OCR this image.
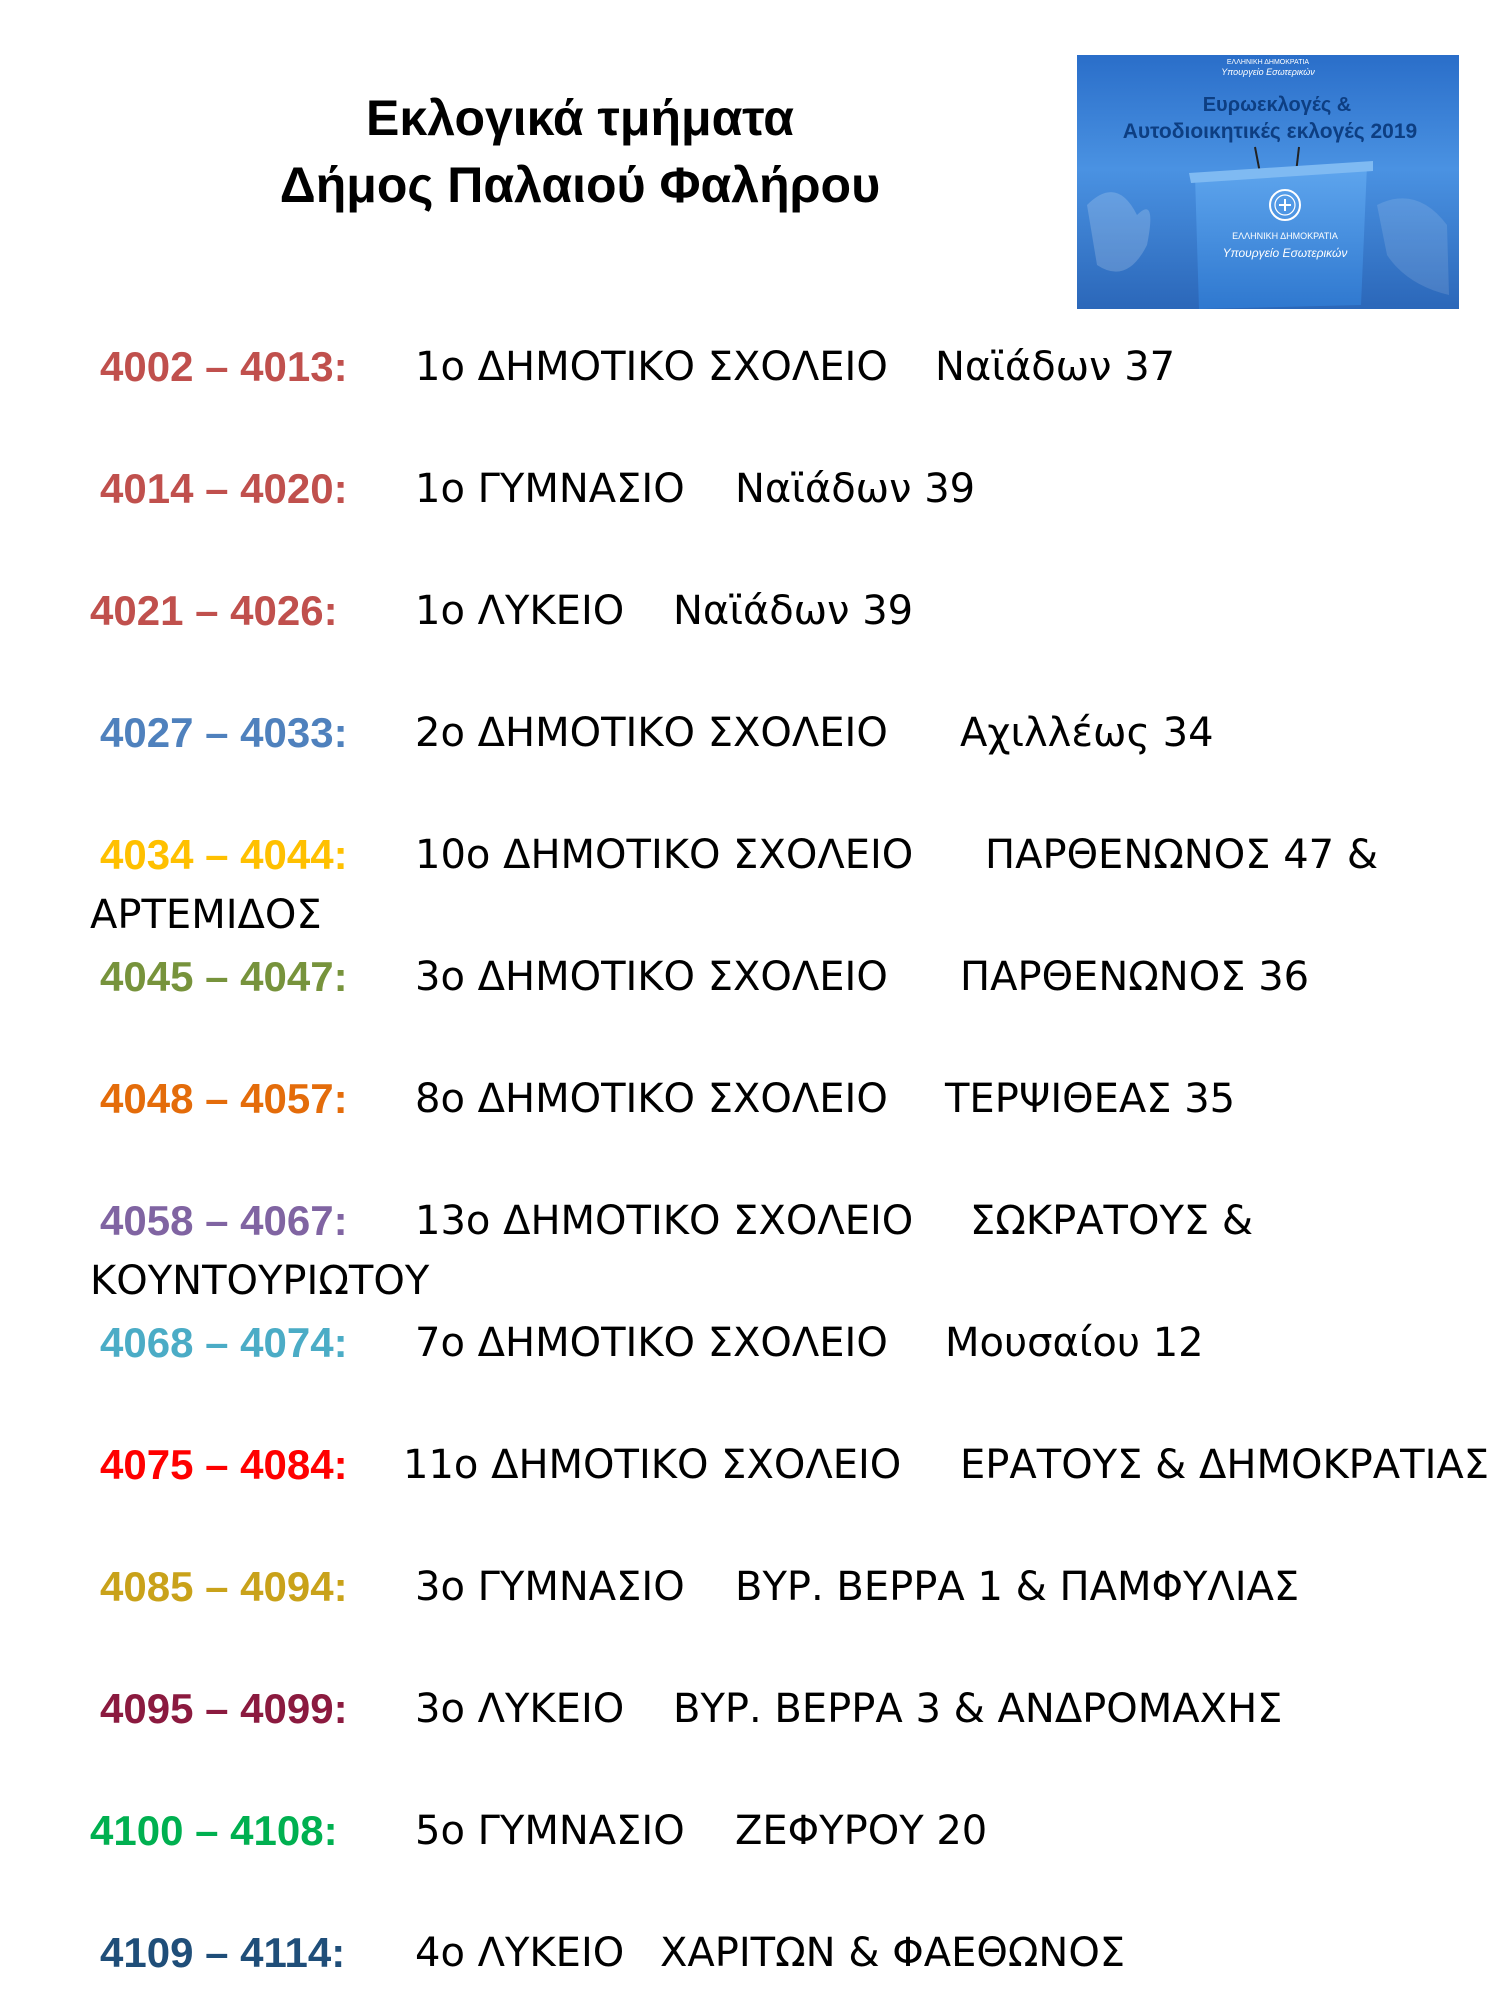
Εκλογικά τμήματα
Δήμος Παλαιού Φαλήρου
ΕΛΛΗΝΙΚΗ ΔΗΜΟΚΡΑΤΙΑ
Υπουργείο Εσωτερικών
Ευρωεκλογές &
Αυτοδιοικητικές εκλογές 2019
ΕΛΛΗΝΙΚΗ ΔΗΜΟΚΡΑΤΙΑ
Υπουργείο Εσωτερικών
4002 – 4013: 1ο ΔΗΜΟΤΙΚΟ ΣΧΟΛΕΙΟ Ναϊάδων 37
4014 – 4020: 1ο ΓΥΜΝΑΣΙΟ Ναϊάδων 39
4021 – 4026: 1ο ΛΥΚΕΙΟ Ναϊάδων 39
4027 – 4033: 2ο ΔΗΜΟΤΙΚΟ ΣΧΟΛΕΙΟ Αχιλλέως 34
4034 – 4044: 10ο ΔΗΜΟΤΙΚΟ ΣΧΟΛΕΙΟ ΠΑΡΘΕΝΩΝΟΣ 47 &
ΑΡΤΕΜΙΔΟΣ
4045 – 4047: 3ο ΔΗΜΟΤΙΚΟ ΣΧΟΛΕΙΟ ΠΑΡΘΕΝΩΝΟΣ 36
4048 – 4057: 8ο ΔΗΜΟΤΙΚΟ ΣΧΟΛΕΙΟ ΤΕΡΨΙΘΕΑΣ 35
4058 – 4067: 13ο ΔΗΜΟΤΙΚΟ ΣΧΟΛΕΙΟ ΣΩΚΡΑΤΟΥΣ &
ΚΟΥΝΤΟΥΡΙΩΤΟΥ
4068 – 4074: 7ο ΔΗΜΟΤΙΚΟ ΣΧΟΛΕΙΟ Μουσαίου 12
4075 – 4084: 11ο ΔΗΜΟΤΙΚΟ ΣΧΟΛΕΙΟ ΕΡΑΤΟΥΣ & ΔΗΜΟΚΡΑΤΙΑΣ
4085 – 4094: 3ο ΓΥΜΝΑΣΙΟ ΒΥΡ. ΒΕΡΡΑ 1 & ΠΑΜΦΥΛΙΑΣ
4095 – 4099: 3ο ΛΥΚΕΙΟ ΒΥΡ. ΒΕΡΡΑ 3 & ΑΝΔΡΟΜΑΧΗΣ
4100 – 4108: 5ο ΓΥΜΝΑΣΙΟ ΖΕΦΥΡΟΥ 20
4109 – 4114: 4ο ΛΥΚΕΙΟ ΧΑΡΙΤΩΝ & ΦΑΕΘΩΝΟΣ
